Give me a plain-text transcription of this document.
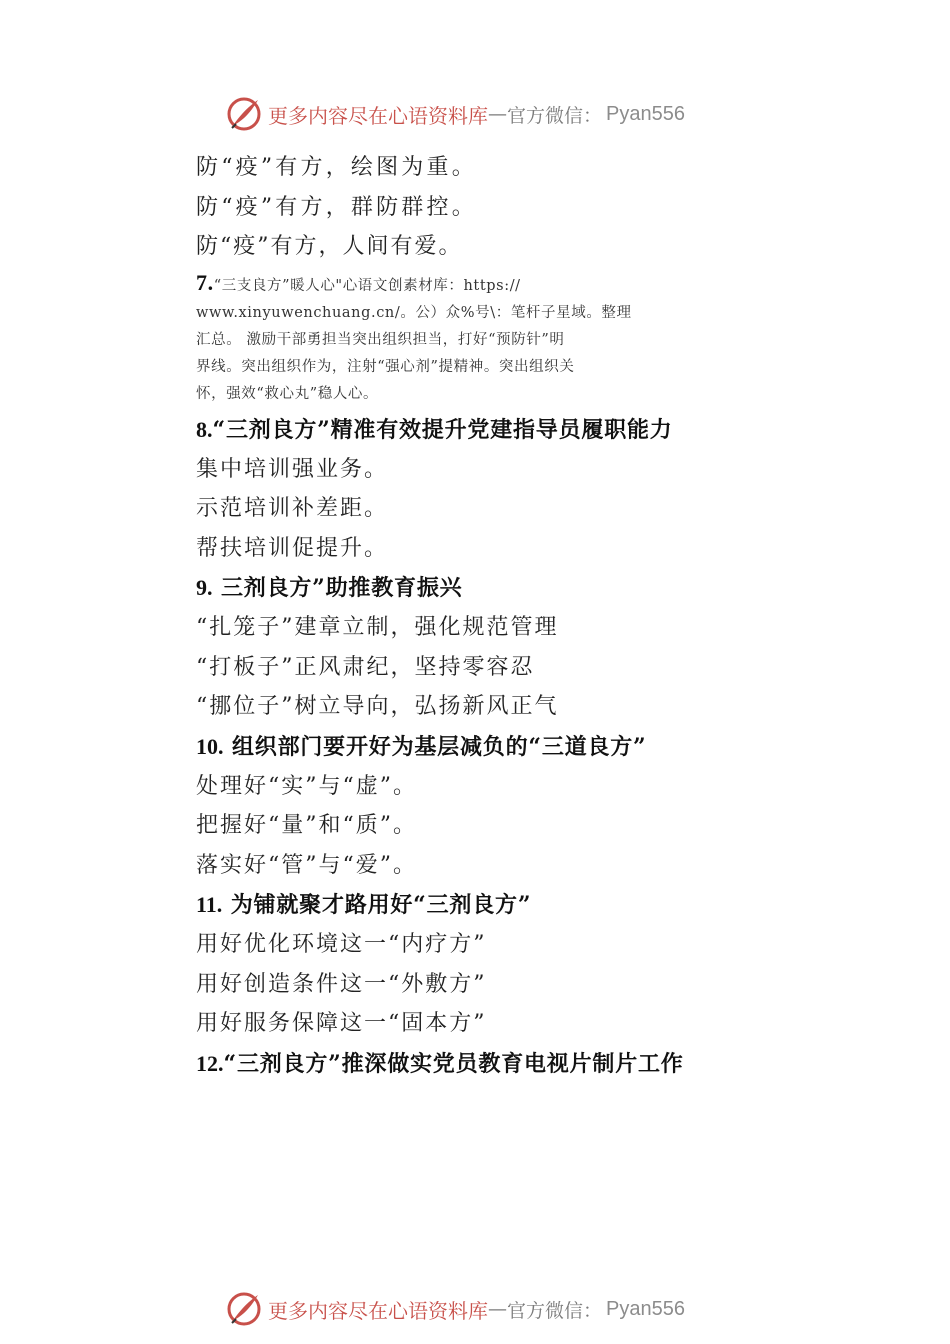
更多内容尽在心语资料库 — 官方微信： Pyan556
防“疫”有方，绘图为重。
防“疫”有方，群防群控。
防“疫”有方，人间有爱。
7.“三支良方”暖人心"心语文创素材库：https://
www.xinyuwenchuang.cn/。公）众%号\：笔杆子星域。整理
汇总。 激励干部勇担当突出组织担当，打好“预防针”明
界线。突出组织作为，注射“强心剂”提精神。突出组织关
怀，强效“救心丸”稳人心。
8.“三剂良方”精准有效提升党建指导员履职能力
集中培训强业务。
示范培训补差距。
帮扶培训促提升。
9. 三剂良方”助推教育振兴
“扎笼子”建章立制，强化规范管理
“打板子”正风肃纪，坚持零容忍
“挪位子”树立导向，弘扬新风正气
10. 组织部门要开好为基层减负的“三道良方”
处理好“实”与“虚”。
把握好“量”和“质”。
落实好“管”与“爱”。
11. 为铺就聚才路用好“三剂良方”
用好优化环境这一“内疗方”
用好创造条件这一“外敷方”
用好服务保障这一“固本方”
12.“三剂良方”推深做实党员教育电视片制片工作
更多内容尽在心语资料库 — 官方微信： Pyan556
